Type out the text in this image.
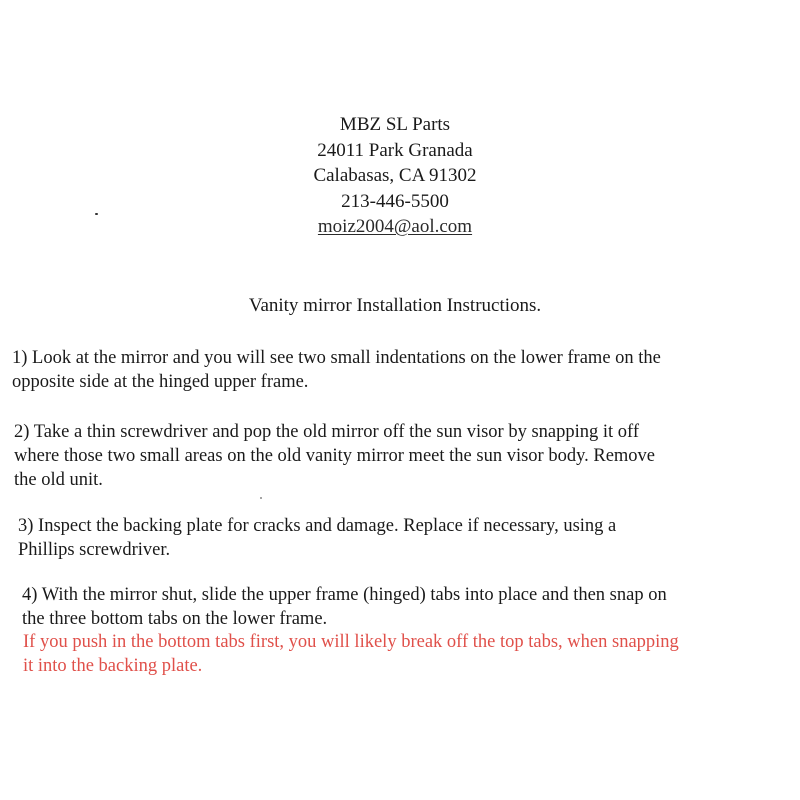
MBZ SL Parts
24011 Park Granada
Calabasas, CA 91302
213-446-5500
moiz2004@aol.com
Vanity mirror Installation Instructions.
1) Look at the mirror and you will see two small indentations on the lower frame on the
opposite side at the hinged upper frame.
2) Take a thin screwdriver and pop the old mirror off the sun visor by snapping it off
where those two small areas on the old vanity mirror meet the sun visor body. Remove
the old unit.
3) Inspect the backing plate for cracks and damage. Replace if necessary, using a
Phillips screwdriver.
4) With the mirror shut, slide the upper frame (hinged) tabs into place and then snap on
the three bottom tabs on the lower frame.
If you push in the bottom tabs first, you will likely break off the top tabs, when snapping
it into the backing plate.
